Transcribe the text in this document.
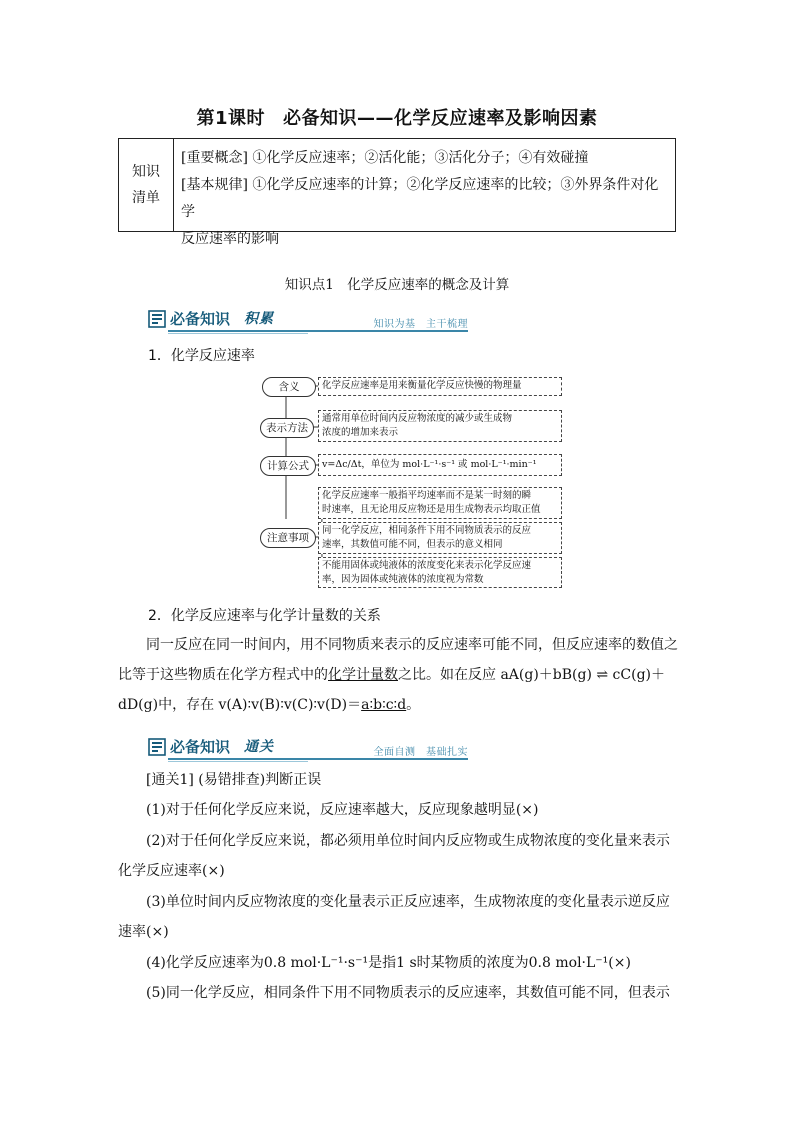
第1课时 必备知识——化学反应速率及影响因素
知识
清单
[重要概念] ①化学反应速率；②活化能；③活化分子；④有效碰撞
[基本规律] ①化学反应速率的计算；②化学反应速率的比较；③外界条件对化学
反应速率的影响
知识点1　化学反应速率的概念及计算
必备知识 积累	知识为基　主干梳理
1．化学反应速率
含义
表示方法
计算公式
注意事项
化学反应速率是用来衡量化学反应快慢的物理量
通常用单位时间内反应物浓度的减少或生成物
浓度的增加来表示
v=Δc/Δt，单位为 mol·L⁻¹·s⁻¹ 或 mol·L⁻¹·min⁻¹
化学反应速率一般指平均速率而不是某一时刻的瞬
时速率，且无论用反应物还是用生成物表示均取正值
同一化学反应，相同条件下用不同物质表示的反应
速率，其数值可能不同，但表示的意义相同
不能用固体或纯液体的浓度变化来表示化学反应速
率，因为固体或纯液体的浓度视为常数
2．化学反应速率与化学计量数的关系
同一反应在同一时间内，用不同物质来表示的反应速率可能不同，但反应速率的数值之
比等于这些物质在化学方程式中的化学计量数之比。如在反应 aA(g)＋bB(g) ⇌ cC(g)＋
dD(g)中，存在 v(A)∶v(B)∶v(C)∶v(D)＝a∶b∶c∶d。
必备知识 通关	全面自测　基础扎实
[通关1] (易错排查)判断正误
(1)对于任何化学反应来说，反应速率越大，反应现象越明显(×)
(2)对于任何化学反应来说，都必须用单位时间内反应物或生成物浓度的变化量来表示
化学反应速率(×)
(3)单位时间内反应物浓度的变化量表示正反应速率，生成物浓度的变化量表示逆反应
速率(×)
(4)化学反应速率为0.8 mol·L⁻¹·s⁻¹是指1 s时某物质的浓度为0.8 mol·L⁻¹(×)
(5)同一化学反应，相同条件下用不同物质表示的反应速率，其数值可能不同，但表示
